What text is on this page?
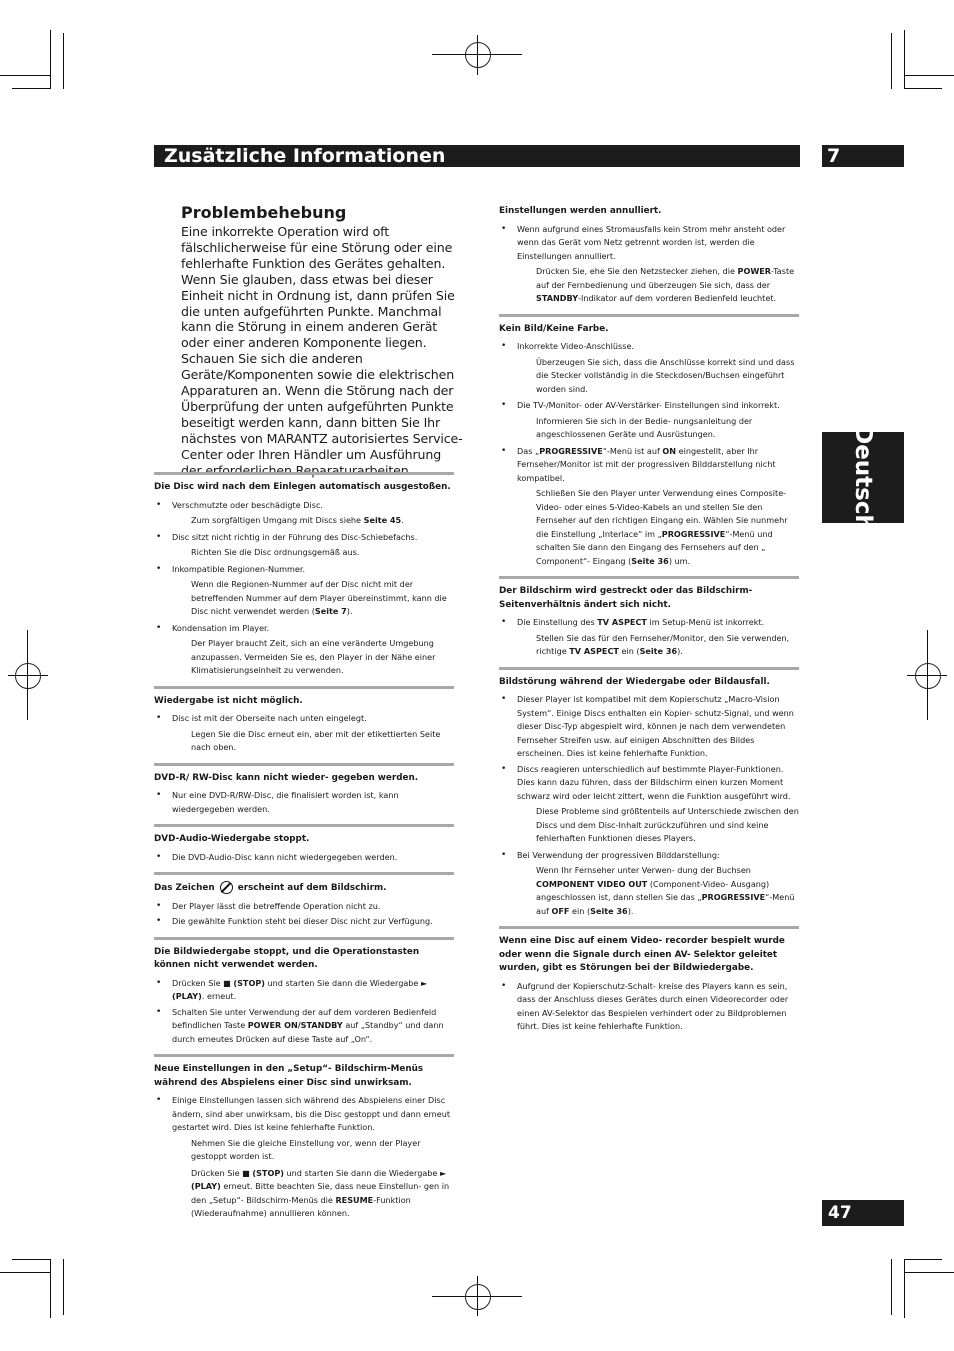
Zusätzliche Informationen	7
Deutsch
47
Problembehebung

Eine inkorrekte Operation wird oft fälschlicherweise für eine Störung oder eine fehlerhafte Funktion des Gerätes gehalten. Wenn Sie glauben, dass etwas bei dieser Einheit nicht in Ordnung ist, dann prüfen Sie die unten aufgeführten Punkte. Manchmal kann die Störung in einem anderen Gerät oder einer anderen Komponente liegen. Schauen Sie sich die anderen Geräte/Komponenten sowie die elektrischen Apparaturen an. Wenn die Störung nach der Überprüfung der unten aufgeführten Punkte beseitigt werden kann, dann bitten Sie Ihr nächstes von MARANTZ autorisiertes Service-Center oder Ihren Händler um Ausführung der erforderlichen Reparaturarbeiten.

Die Disc wird nach dem Einlegen automatisch ausgestoßen.
• Verschmutzte oder beschädigte Disc.
Zum sorgfältigen Umgang mit Discs siehe Seite 45.
• Disc sitzt nicht richtig in der Führung des Disc-Schiebefachs.
Richten Sie die Disc ordnungsgemäß aus.
• Inkompatible Regionen-Nummer.
Wenn die Regionen-Nummer auf der Disc nicht mit der betreffenden Nummer auf dem Player übereinstimmt, kann die Disc nicht verwendet werden (Seite 7).
• Kondensation im Player.
Der Player braucht Zeit, sich an eine veränderte Umgebung anzupassen. Vermeiden Sie es, den Player in der Nähe einer Klimatisierungseinheit zu verwenden.
Wiedergabe ist nicht möglich.
• Disc ist mit der Oberseite nach unten eingelegt.
Legen Sie die Disc erneut ein, aber mit der etikettierten Seite nach oben.
DVD-R/ RW-Disc kann nicht wieder- gegeben werden.
• Nur eine DVD-R/RW-Disc, die finalisiert worden ist, kann wiedergegeben werden.
DVD-Audio-Wiedergabe stoppt.
• Die DVD-Audio-Disc kann nicht wiedergegeben werden.
Das Zeichen  erscheint auf dem Bildschirm.
• Der Player lässt die betreffende Operation nicht zu.
• Die gewählte Funktion steht bei dieser Disc nicht zur Verfügung.
Die Bildwiedergabe stoppt, und die Operationstasten können nicht verwendet werden.
• Drücken Sie ■ (STOP) und starten Sie dann die Wiedergabe ► (PLAY). erneut.
• Schalten Sie unter Verwendung der auf dem vorderen Bedienfeld befindlichen Taste POWER ON/STANDBY auf „Standby“ und dann durch erneutes Drücken auf diese Taste auf „On“.
Neue Einstellungen in den „Setup“- Bildschirm-Menüs während des Abspielens einer Disc sind unwirksam.
• Einige Einstellungen lassen sich während des Abspielens einer Disc ändern, sind aber unwirksam, bis die Disc gestoppt und dann erneut gestartet wird. Dies ist keine fehlerhafte Funktion.
Nehmen Sie die gleiche Einstellung vor, wenn der Player gestoppt worden ist.
Drücken Sie ■ (STOP) und starten Sie dann die Wiedergabe ► (PLAY) erneut. Bitte beachten Sie, dass neue Einstellun- gen in den „Setup“- Bildschirm-Menüs die RESUME-Funktion (Wiederaufnahme) annullieren können.
Einstellungen werden annulliert.
• Wenn aufgrund eines Stromausfalls kein Strom mehr ansteht oder wenn das Gerät vom Netz getrennt worden ist, werden die Einstellungen annulliert.
Drücken Sie, ehe Sie den Netzstecker ziehen, die POWER-Taste auf der Fernbedienung und überzeugen Sie sich, dass der STANDBY-Indikator auf dem vorderen Bedienfeld leuchtet.
Kein Bild/Keine Farbe.
• Inkorrekte Video-Anschlüsse.
Überzeugen Sie sich, dass die Anschlüsse korrekt sind und dass die Stecker vollständig in die Steckdosen/Buchsen eingeführt worden sind.
• Die TV-/Monitor- oder AV-Verstärker- Einstellungen sind inkorrekt.
Informieren Sie sich in der Bedie- nungsanleitung der angeschlossenen Geräte und Ausrüstungen.
• Das „PROGRESSIVE“-Menü ist auf ON eingestellt, aber Ihr Fernseher/Monitor ist mit der progressiven Bilddarstellung nicht kompatibel.
Schließen Sie den Player unter Verwendung eines Composite-Video- oder eines S-Video-Kabels an und stellen Sie den Fernseher auf den richtigen Eingang ein. Wählen Sie nunmehr die Einstellung „Interlace“ im „PROGRESSIVE“-Menü und schalten Sie dann den Eingang des Fernsehers auf den „ Component“- Eingang (Seite 36) um.
Der Bildschirm wird gestreckt oder das Bildschirm- Seitenverhältnis ändert sich nicht.
• Die Einstellung des TV ASPECT im Setup-Menü ist inkorrekt.
Stellen Sie das für den Fernseher/Monitor, den Sie verwenden, richtige TV ASPECT ein (Seite 36).
Bildstörung während der Wiedergabe oder Bildausfall.
• Dieser Player ist kompatibel mit dem Kopierschutz „Macro-Vision System“. Einige Discs enthalten ein Kopier- schutz-Signal, und wenn dieser Disc-Typ abgespielt wird, können je nach dem verwendeten Fernseher Streifen usw. auf einigen Abschnitten des Bildes erscheinen. Dies ist keine fehlerhafte Funktion.
• Discs reagieren unterschiedlich auf bestimmte Player-Funktionen. Dies kann dazu führen, dass der Bildschirm einen kurzen Moment schwarz wird oder leicht zittert, wenn die Funktion ausgeführt wird.
Diese Probleme sind größtenteils auf Unterschiede zwischen den Discs und dem Disc-Inhalt zurückzuführen und sind keine fehlerhaften Funktionen dieses Players.
• Bei Verwendung der progressiven Bilddarstellung:
Wenn Ihr Fernseher unter Verwen- dung der Buchsen COMPONENT VIDEO OUT (Component-Video- Ausgang) angeschlossen ist, dann stellen Sie das „PROGRESSIVE“-Menü auf OFF ein (Seite 36).
Wenn eine Disc auf einem Video- recorder bespielt wurde oder wenn die Signale durch einen AV- Selektor geleitet wurden, gibt es Störungen bei der Bildwiedergabe.
• Aufgrund der Kopierschutz-Schalt- kreise des Players kann es sein, dass der Anschluss dieses Gerätes durch einen Videorecorder oder einen AV-Selektor das Bespielen verhindert oder zu Bildproblemen führt. Dies ist keine fehlerhafte Funktion.
